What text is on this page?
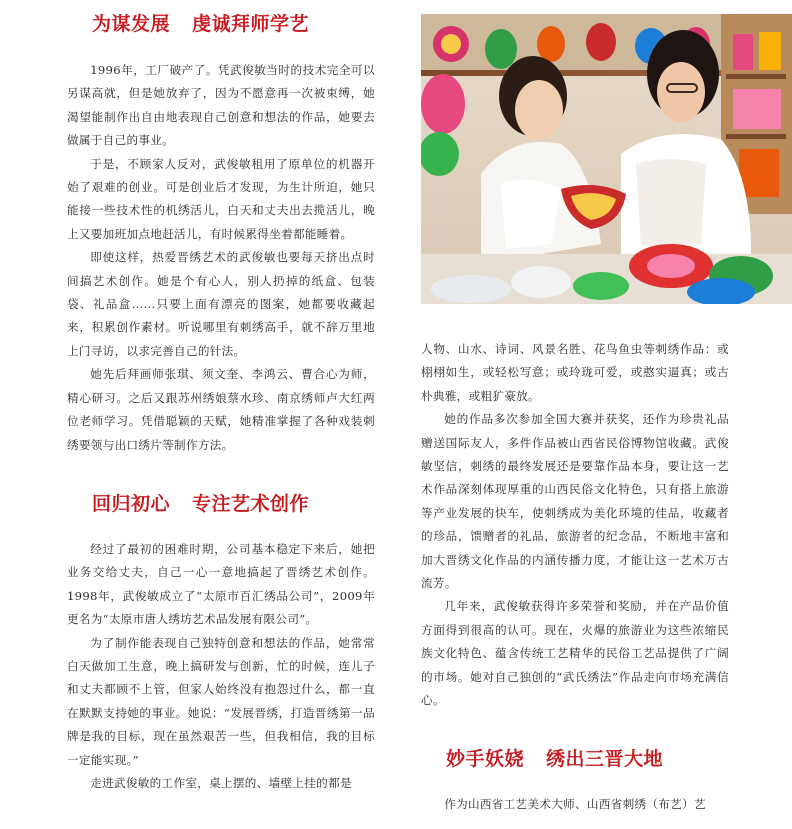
为谋发展 虔诚拜师学艺

1996年，工厂破产了。凭武俊敏当时的技术完全可以另谋高就，但是她放弃了，因为不愿意再一次被束缚，她渴望能制作出自由地表现自己创意和想法的作品，她要去做属于自己的事业。

于是，不顾家人反对，武俊敏租用了原单位的机器开始了艰难的创业。可是创业后才发现，为生计所迫，她只能接一些技术性的机绣活儿，白天和丈夫出去揽活儿，晚上又要加班加点地赶活儿，有时候累得坐着都能睡着。

即使这样，热爱晋绣艺术的武俊敏也要每天挤出点时间搞艺术创作。她是个有心人，别人扔掉的纸盒、包装袋、礼品盒……只要上面有漂亮的图案，她都要收藏起来，积累创作素材。听说哪里有刺绣高手，就不辞万里地上门寻访，以求完善自己的针法。

她先后拜画师张琪、须文奎、李鸿云、曹合心为师，精心研习。之后又跟苏州绣娘蔡水珍、南京绣师卢大红两位老师学习。凭借聪颖的天赋，她精准掌握了各种戏装刺绣要领与出口绣片等制作方法。

回归初心 专注艺术创作

经过了最初的困难时期，公司基本稳定下来后，她把业务交给丈夫，自己一心一意地搞起了晋绣艺术创作。1998年，武俊敏成立了“太原市百汇绣品公司”，2009年更名为“太原市唐人绣坊艺术品发展有限公司”。

为了制作能表现自己独特创意和想法的作品，她常常白天做加工生意，晚上搞研发与创新，忙的时候，连儿子和丈夫都顾不上管，但家人始终没有抱怨过什么，都一直在默默支持她的事业。她说：“发展晋绣，打造晋绣第一品牌是我的目标，现在虽然艰苦一些，但我相信，我的目标一定能实现。”

走进武俊敏的工作室，桌上摆的、墙壁上挂的都是

人物、山水、诗词、风景名胜、花鸟鱼虫等刺绣作品：或栩栩如生，或轻松写意；或玲珑可爱，或憨实逼真；或古朴典雅，或粗犷豪放。

她的作品多次参加全国大赛并获奖，还作为珍贵礼品赠送国际友人，多件作品被山西省民俗博物馆收藏。武俊敏坚信，刺绣的最终发展还是要靠作品本身，要让这一艺术作品深刻体现厚重的山西民俗文化特色，只有搭上旅游等产业发展的快车，使刺绣成为美化环境的佳品，收藏者的珍品，馈赠者的礼品，旅游者的纪念品，不断地丰富和加大晋绣文化作品的内涵传播力度，才能让这一艺术万古流芳。

几年来，武俊敏获得许多荣誉和奖励，并在产品价值方面得到很高的认可。现在，火爆的旅游业为这些浓缩民族文化特色、蕴含传统工艺精华的民俗工艺品提供了广阔的市场。她对自己独创的“武氏绣法”作品走向市场充满信心。

妙手妖娆 绣出三晋大地

作为山西省工艺美术大师、山西省刺绣（布艺）艺
